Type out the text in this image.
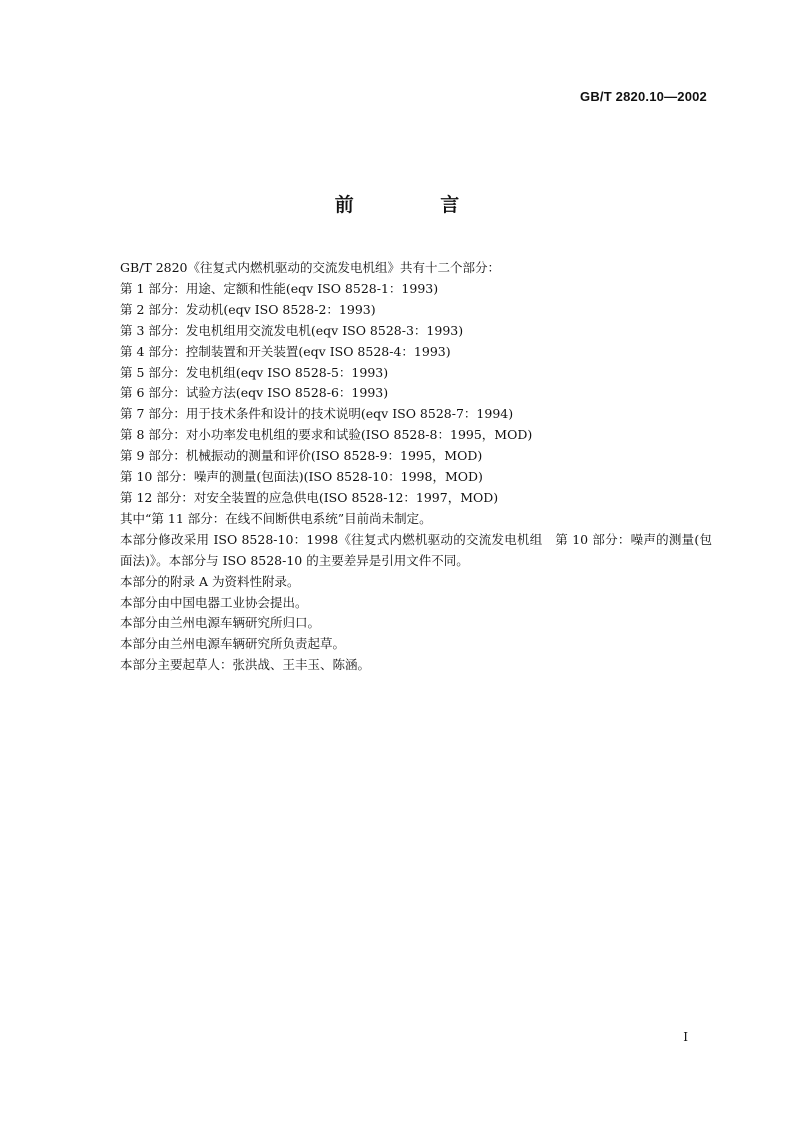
GB/T 2820.10—2002
前 言
GB/T 2820《往复式内燃机驱动的交流发电机组》共有十二个部分：
第 1 部分：用途、定额和性能(eqv ISO 8528-1：1993)
第 2 部分：发动机(eqv ISO 8528-2：1993)
第 3 部分：发电机组用交流发电机(eqv ISO 8528-3：1993)
第 4 部分：控制装置和开关装置(eqv ISO 8528-4：1993)
第 5 部分：发电机组(eqv ISO 8528-5：1993)
第 6 部分：试验方法(eqv ISO 8528-6：1993)
第 7 部分：用于技术条件和设计的技术说明(eqv ISO 8528-7：1994)
第 8 部分：对小功率发电机组的要求和试验(ISO 8528-8：1995，MOD)
第 9 部分：机械振动的测量和评价(ISO 8528-9：1995，MOD)
第 10 部分：噪声的测量(包面法)(ISO 8528-10：1998，MOD)
第 12 部分：对安全装置的应急供电(ISO 8528-12：1997，MOD)
其中“第 11 部分：在线不间断供电系统”目前尚未制定。
本部分修改采用 ISO 8528-10：1998《往复式内燃机驱动的交流发电机组　第 10 部分：噪声的测量(包面法)》。本部分与 ISO 8528-10 的主要差异是引用文件不同。
本部分的附录 A 为资料性附录。
本部分由中国电器工业协会提出。
本部分由兰州电源车辆研究所归口。
本部分由兰州电源车辆研究所负责起草。
本部分主要起草人：张洪战、王丰玉、陈涵。
I
